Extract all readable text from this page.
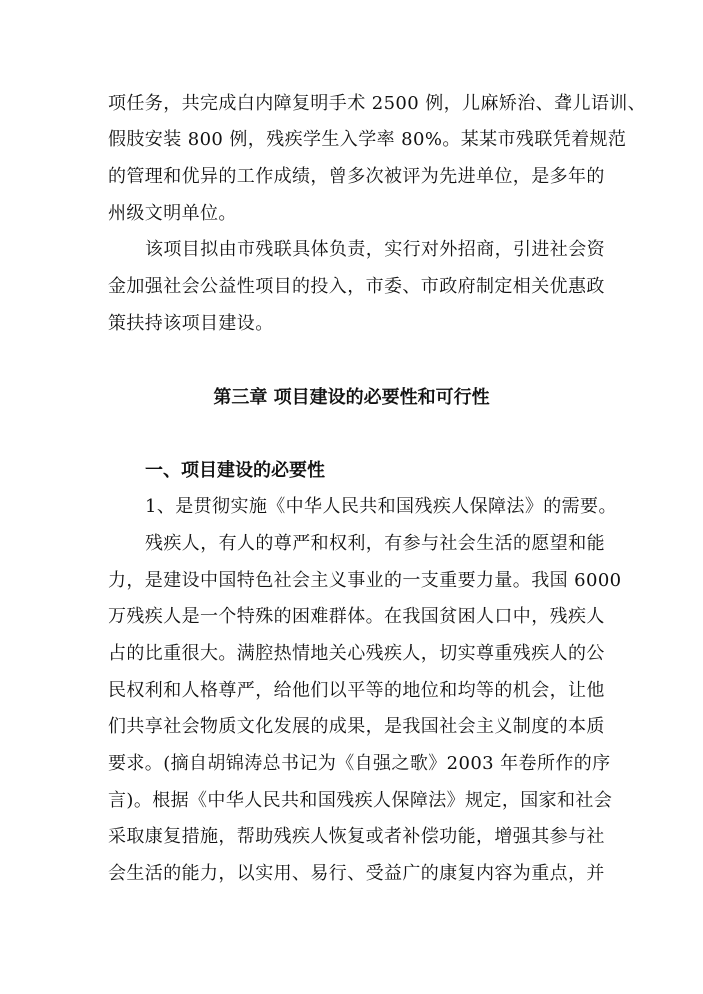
项任务，共完成白内障复明手术 2500 例，儿麻矫治、聋儿语训、
假肢安装 800 例，残疾学生入学率 80%。某某市残联凭着规范
的管理和优异的工作成绩，曾多次被评为先进单位，是多年的
州级文明单位。
该项目拟由市残联具体负责，实行对外招商，引进社会资
金加强社会公益性项目的投入，市委、市政府制定相关优惠政
策扶持该项目建设。
第三章 项目建设的必要性和可行性
一、项目建设的必要性
1、是贯彻实施《中华人民共和国残疾人保障法》的需要。
残疾人，有人的尊严和权利，有参与社会生活的愿望和能
力，是建设中国特色社会主义事业的一支重要力量。我国 6000
万残疾人是一个特殊的困难群体。在我国贫困人口中，残疾人
占的比重很大。满腔热情地关心残疾人，切实尊重残疾人的公
民权利和人格尊严，给他们以平等的地位和均等的机会，让他
们共享社会物质文化发展的成果，是我国社会主义制度的本质
要求。(摘自胡锦涛总书记为《自强之歌》2003 年卷所作的序
言)。根据《中华人民共和国残疾人保障法》规定，国家和社会
采取康复措施，帮助残疾人恢复或者补偿功能，增强其参与社
会生活的能力，以实用、易行、受益广的康复内容为重点，并
